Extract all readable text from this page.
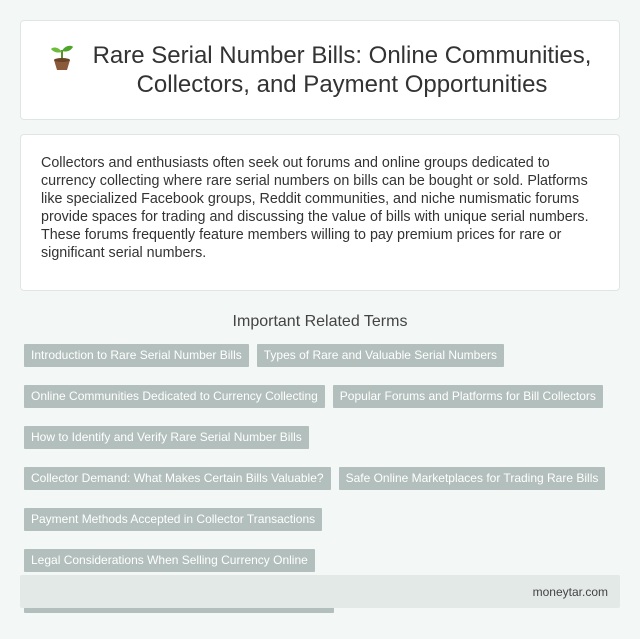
Rare Serial Number Bills: Online Communities,
Collectors, and Payment Opportunities

Collectors and enthusiasts often seek out forums and online groups dedicated to currency collecting where rare serial numbers on bills can be bought or sold. Platforms like specialized Facebook groups, Reddit communities, and niche numismatic forums provide spaces for trading and discussing the value of bills with unique serial numbers. These forums frequently feature members willing to pay premium prices for rare or significant serial numbers.

Important Related Terms
Introduction to Rare Serial Number Bills	Types of Rare and Valuable Serial Numbers
Online Communities Dedicated to Currency Collecting	Popular Forums and Platforms for Bill Collectors
How to Identify and Verify Rare Serial Number Bills
Collector Demand: What Makes Certain Bills Valuable?	Safe Online Marketplaces for Trading Rare Bills
Payment Methods Accepted in Collector Transactions
Legal Considerations When Selling Currency Online
moneytar.com
